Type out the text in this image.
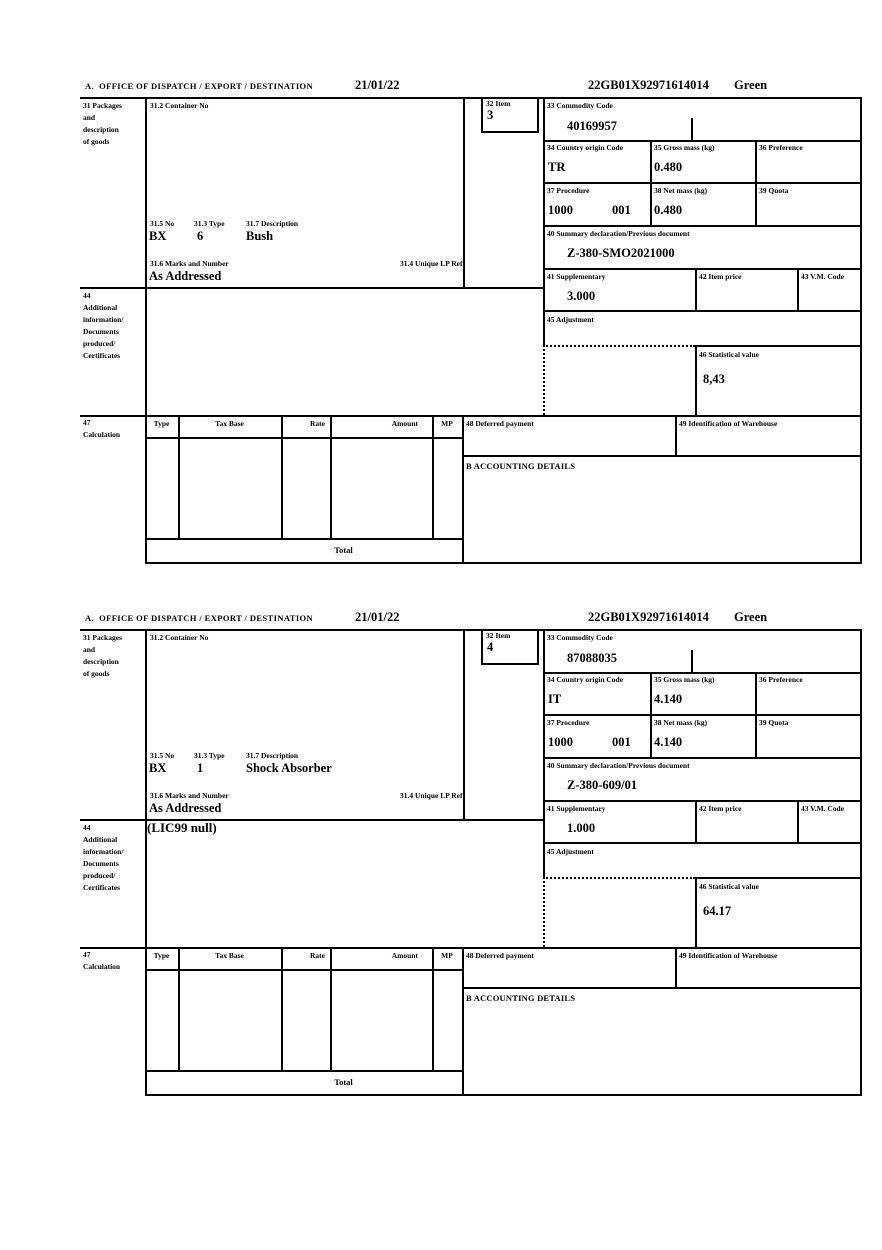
A.  OFFICE OF DISPATCH / EXPORT / DESTINATION	21/01/22	22GB01X92971614014 Green
31 Packages
and
description
of goods
44
Additional
information/
Documents
produced/
Certificates
47
Calculation
31.2 Container No
31.5 No	31.3 Type	31.7 Description
BX 6	Bush
31.6 Marks and Number	31.4 Unique LP Ref
As Addressed
32 Item
3
33 Commodity Code
40169957
34 Country origin Code
TR
35 Gross mass (kg)
0.480
36 Preference
37 Procedure
1000	001
38 Net mass (kg)
0.480
39 Quota
40 Summary declaration/Previous document
Z-380-SMO2021000
41 Supplementary
3.000
42 Item price	43 V.M. Code
45 Adjustment
46 Statistical value
8,43
Type	Tax Base	Rate	Amount	MP
Total
48 Deferred payment	49 Identification of Warehouse
B ACCOUNTING DETAILS
A.  OFFICE OF DISPATCH / EXPORT / DESTINATION	21/01/22	22GB01X92971614014 Green
31 Packages
and
description
of goods
44
Additional
information/
Documents
produced/
Certificates
47
Calculation
31.2 Container No
31.5 No	31.3 Type	31.7 Description
BX 1	Shock Absorber
31.6 Marks and Number	31.4 Unique LP Ref
As Addressed
(LIC99 null)
32 Item
4
33 Commodity Code
87088035
34 Country origin Code
IT
35 Gross mass (kg)
4.140
36 Preference
37 Procedure
1000	001
38 Net mass (kg)
4.140
39 Quota
40 Summary declaration/Previous document
Z-380-609/01
41 Supplementary
1.000
42 Item price	43 V.M. Code
45 Adjustment
46 Statistical value
64.17
Type	Tax Base	Rate	Amount	MP
Total
48 Deferred payment	49 Identification of Warehouse
B ACCOUNTING DETAILS
